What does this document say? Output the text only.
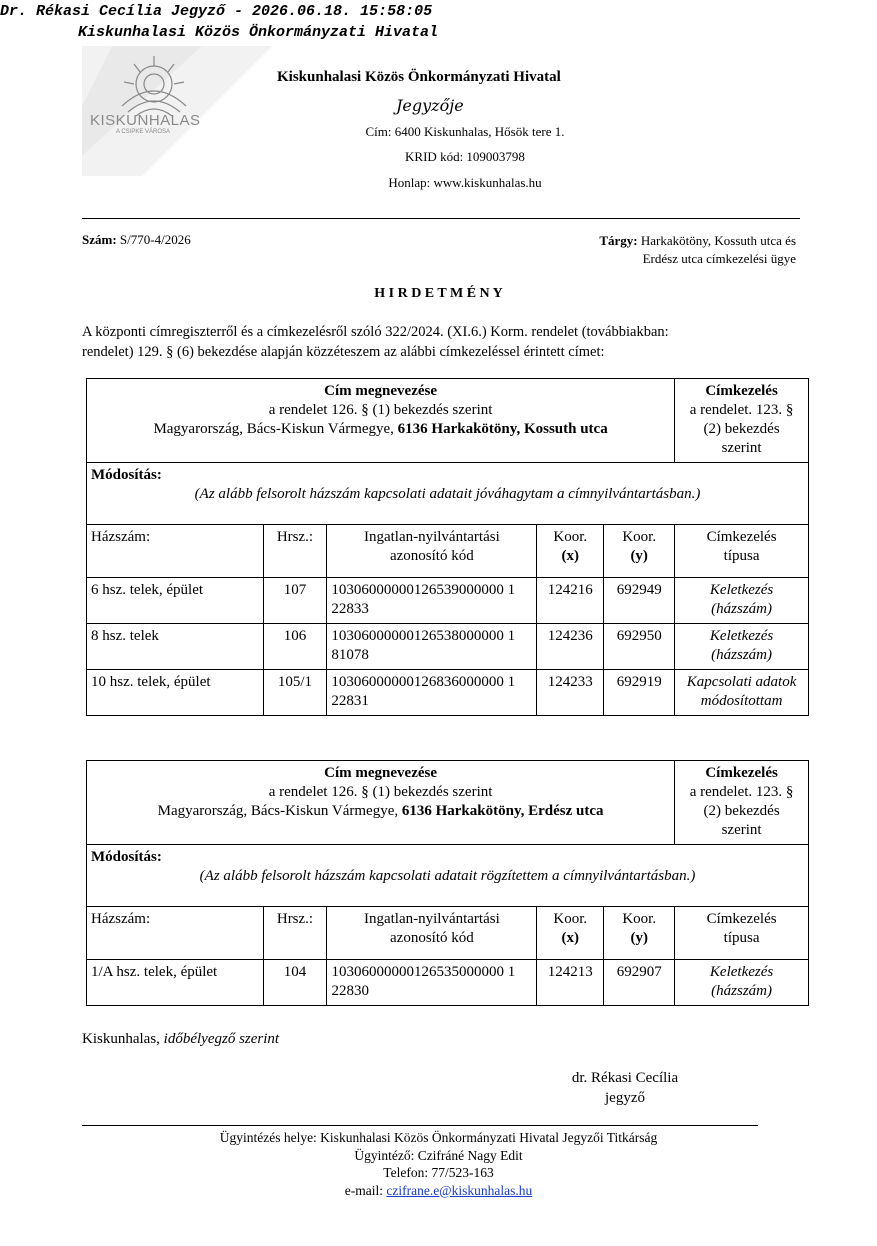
Dr. Rékasi Cecília Jegyző - 2026.06.18. 15:58:05
Kiskunhalasi Közös Önkormányzati Hivatal
KISKUNHALAS
A CSIPKE VÁROSA
Kiskunhalasi Közös Önkormányzati Hivatal
Jegyzője
Cím: 6400 Kiskunhalas, Hősök tere 1.
KRID kód: 109003798
Honlap: www.kiskunhalas.hu
Szám: S/770-4/2026	Tárgy: Harkakötöny, Kossuth utca és
Erdész utca címkezelési ügye
H I R D E T M É N Y
A központi címregiszterről és a címkezelésről szóló 322/2024. (XI.6.) Korm. rendelet (továbbiakban:
rendelet) 129. § (6) bekezdése alapján közzéteszem az alábbi címkezeléssel érintett címet:
Cím megnevezése
a rendelet 126. § (1) bekezdés szerint
Magyarország, Bács-Kiskun Vármegye, 6136 Harkakötöny, Kossuth utca					Címkezelés
a rendelet. 123. §
(2) bekezdés
szerint
Módosítás:

(Az alább felsorolt házszám kapcsolati adatait jóváhagytam a címnyilvántartásban.)					

Házszám:	Hrsz.:	Ingatlan-nyilvántartási
azonosító kód	Koor.
(x)	Koor.
(y)	Címkezelés
típusa
6 hsz. telek, épület	107	10306000000126539000000 1
22833	124216	692949	Keletkezés
(házszám)
8 hsz. telek	106	10306000000126538000000 1
81078	124236	692950	Keletkezés
(házszám)
10 hsz. telek, épület	105/1	10306000000126836000000 1
22831	124233	692919	Kapcsolati adatok
módosítottam
Cím megnevezése
a rendelet 126. § (1) bekezdés szerint
Magyarország, Bács-Kiskun Vármegye, 6136 Harkakötöny, Erdész utca					Címkezelés
a rendelet. 123. §
(2) bekezdés
szerint
Módosítás:

(Az alább felsorolt házszám kapcsolati adatait rögzítettem a címnyilvántartásban.)					

Házszám:	Hrsz.:	Ingatlan-nyilvántartási
azonosító kód	Koor.
(x)	Koor.
(y)	Címkezelés
típusa
1/A hsz. telek, épület	104	10306000000126535000000 1
22830	124213	692907	Keletkezés
(házszám)
Kiskunhalas, időbélyegző szerint
dr. Rékasi Cecília
jegyző
Ügyintézés helye: Kiskunhalasi Közös Önkormányzati Hivatal Jegyzői Titkárság
Ügyintéző: Czifráné Nagy Edit
Telefon: 77/523-163
e-mail: czifrane.e@kiskunhalas.hu
